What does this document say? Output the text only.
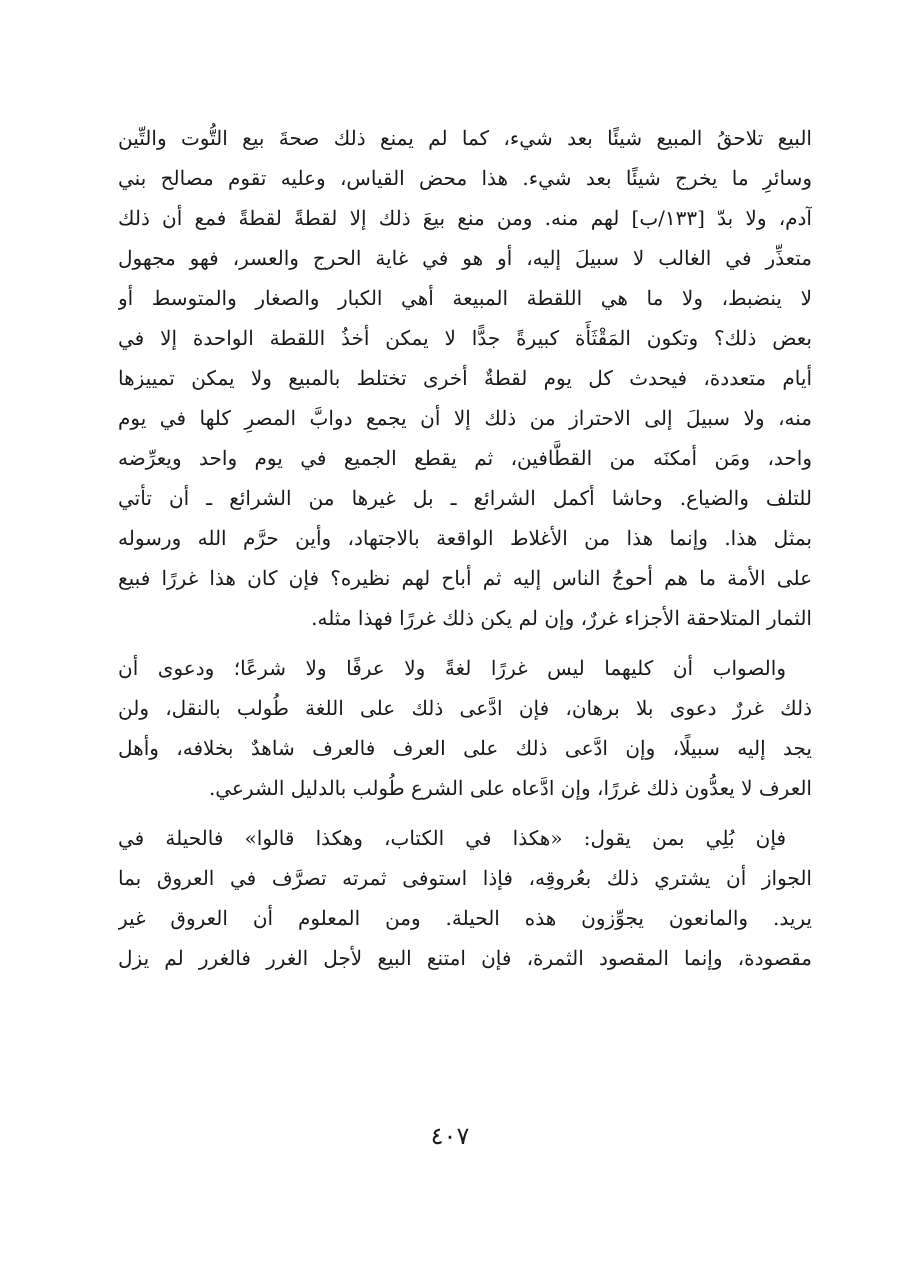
البيع تلاحقُ المبيع شيئًا بعد شيء، كما لم يمنع ذلك صحةَ بيع التُّوت والتِّين
وسائرِ ما يخرج شيئًا بعد شيء. هذا محض القياس، وعليه تقوم مصالح بني
آدم، ولا بدّ [١٣٣/ب] لهم منه. ومن منع بيعَ ذلك إلا لقطةً لقطةً فمع أن ذلك
متعذِّر في الغالب لا سبيلَ إليه، أو هو في غاية الحرج والعسر، فهو مجهول
لا ينضبط، ولا ما هي اللقطة المبيعة أهي الكبار والصغار والمتوسط أو
بعض ذلك؟ وتكون المَقْثَأَة كبيرةً جدًّا لا يمكن أخذُ اللقطة الواحدة إلا في
أيام متعددة، فيحدث كل يوم لقطةٌ أخرى تختلط بالمبيع ولا يمكن تمييزها
منه، ولا سبيلَ إلى الاحتراز من ذلك إلا أن يجمع دوابَّ المصرِ كلها في يوم
واحد، ومَن أمكنَه من القطَّافين، ثم يقطع الجميع في يوم واحد ويعرِّضه
للتلف والضياع. وحاشا أكمل الشرائع ـ بل غيرها من الشرائع ـ أن تأتي
بمثل هذا. وإنما هذا من الأغلاط الواقعة بالاجتهاد، وأين حرَّم الله ورسوله
على الأمة ما هم أحوجُ الناس إليه ثم أباح لهم نظيره؟ فإن كان هذا غررًا فبيع
الثمار المتلاحقة الأجزاء غررٌ، وإن لم يكن ذلك غررًا فهذا مثله.
والصواب أن كليهما ليس غررًا لغةً ولا عرفًا ولا شرعًا؛ ودعوى أن
ذلك غررٌ دعوى بلا برهان، فإن ادَّعى ذلك على اللغة طُولب بالنقل، ولن
يجد إليه سبيلًا، وإن ادَّعى ذلك على العرف فالعرف شاهدٌ بخلافه، وأهل
العرف لا يعدُّون ذلك غررًا، وإن ادَّعاه على الشرع طُولب بالدليل الشرعي.
فإن بُلِي بمن يقول: «هكذا في الكتاب، وهكذا قالوا» فالحيلة في
الجواز أن يشتري ذلك بعُروقِه، فإذا استوفى ثمرته تصرَّف في العروق بما
يريد. والمانعون يجوِّزون هذه الحيلة. ومن المعلوم أن العروق غير
مقصودة، وإنما المقصود الثمرة، فإن امتنع البيع لأجل الغرر فالغرر لم يزل
٤٠٧
